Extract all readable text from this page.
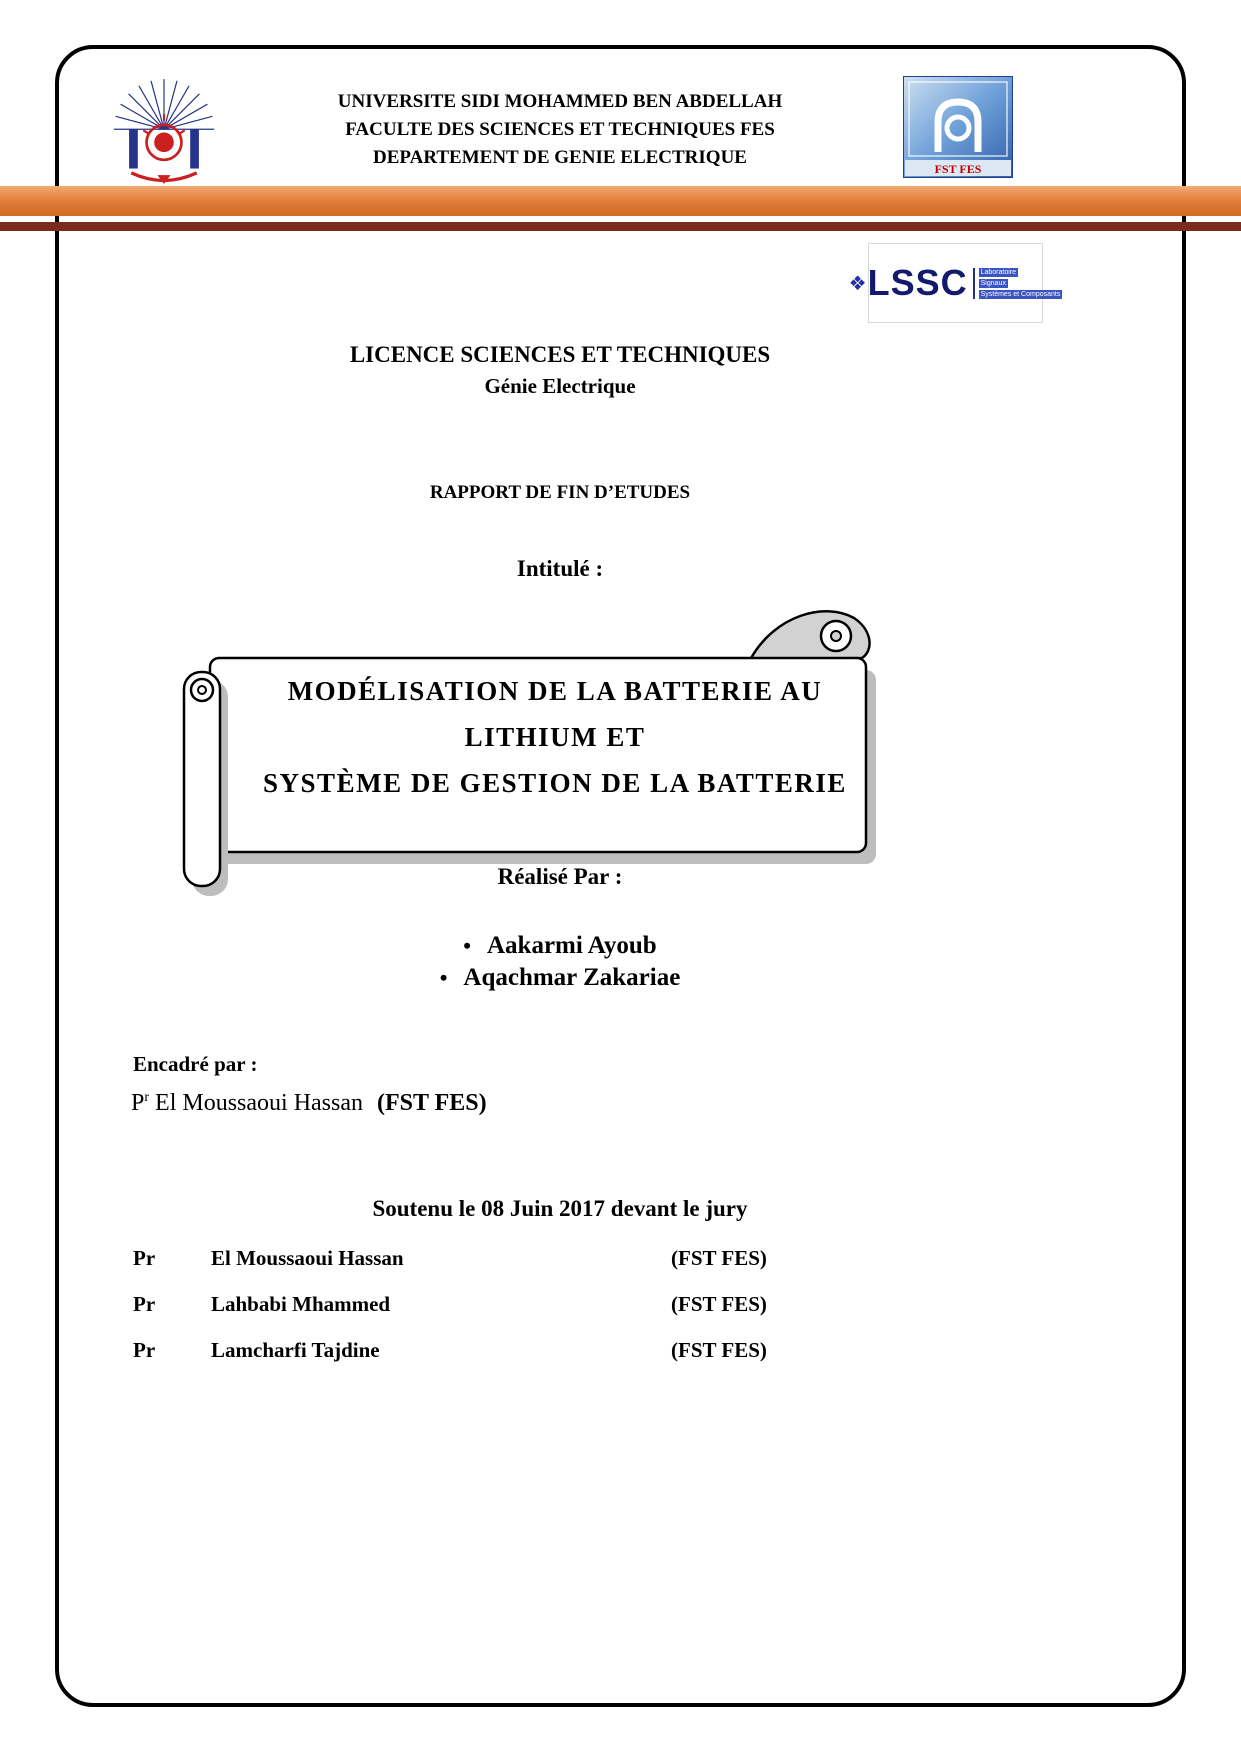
UNIVERSITE SIDI MOHAMMED BEN ABDELLAH
FACULTE DES SCIENCES ET TECHNIQUES FES
DEPARTEMENT DE GENIE ELECTRIQUE
FST FES
❖ LSSC Laboratoire
Signaux
Systèmes et Composants
LICENCE SCIENCES ET TECHNIQUES
Génie Electrique
RAPPORT DE FIN D’ETUDES
Intitulé :
MODÉLISATION DE LA BATTERIE AU
LITHIUM ET
SYSTÈME DE GESTION DE LA BATTERIE
Réalisé Par :
• Aakarmi Ayoub
• Aqachmar Zakariae
Encadré par :
$P^r$ El Moussaoui Hassan (FST FES)
Soutenu le 08 Juin 2017 devant le jury
Pr	El Moussaoui Hassan	(FST FES)
Pr	Lahbabi Mhammed	(FST FES)
Pr	Lamcharfi Tajdine	(FST FES)
